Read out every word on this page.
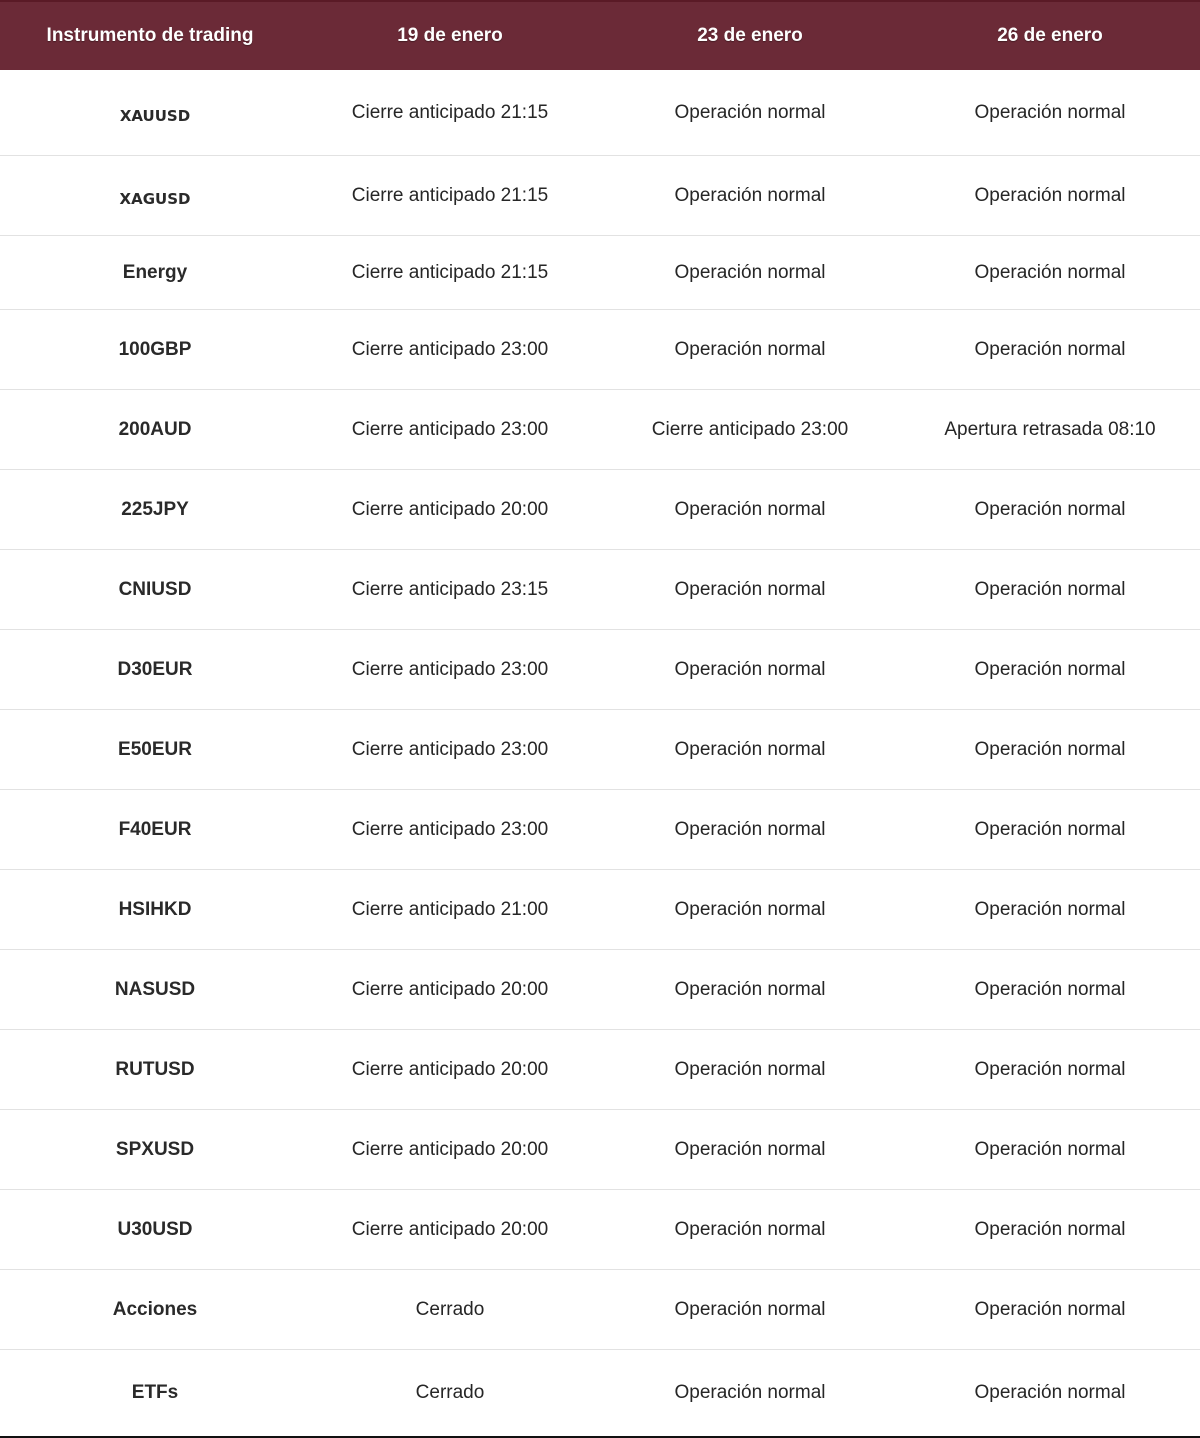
Instrumento de trading	19 de enero	23 de enero	26 de enero
XAUUSD	Cierre anticipado 21:15	Operación normal	Operación normal
XAGUSD	Cierre anticipado 21:15	Operación normal	Operación normal
Energy	Cierre anticipado 21:15	Operación normal	Operación normal
100GBP	Cierre anticipado 23:00	Operación normal	Operación normal
200AUD	Cierre anticipado 23:00	Cierre anticipado 23:00	Apertura retrasada 08:10
225JPY	Cierre anticipado 20:00	Operación normal	Operación normal
CNIUSD	Cierre anticipado 23:15	Operación normal	Operación normal
D30EUR	Cierre anticipado 23:00	Operación normal	Operación normal
E50EUR	Cierre anticipado 23:00	Operación normal	Operación normal
F40EUR	Cierre anticipado 23:00	Operación normal	Operación normal
HSIHKD	Cierre anticipado 21:00	Operación normal	Operación normal
NASUSD	Cierre anticipado 20:00	Operación normal	Operación normal
RUTUSD	Cierre anticipado 20:00	Operación normal	Operación normal
SPXUSD	Cierre anticipado 20:00	Operación normal	Operación normal
U30USD	Cierre anticipado 20:00	Operación normal	Operación normal
Acciones	Cerrado	Operación normal	Operación normal
ETFs	Cerrado	Operación normal	Operación normal
